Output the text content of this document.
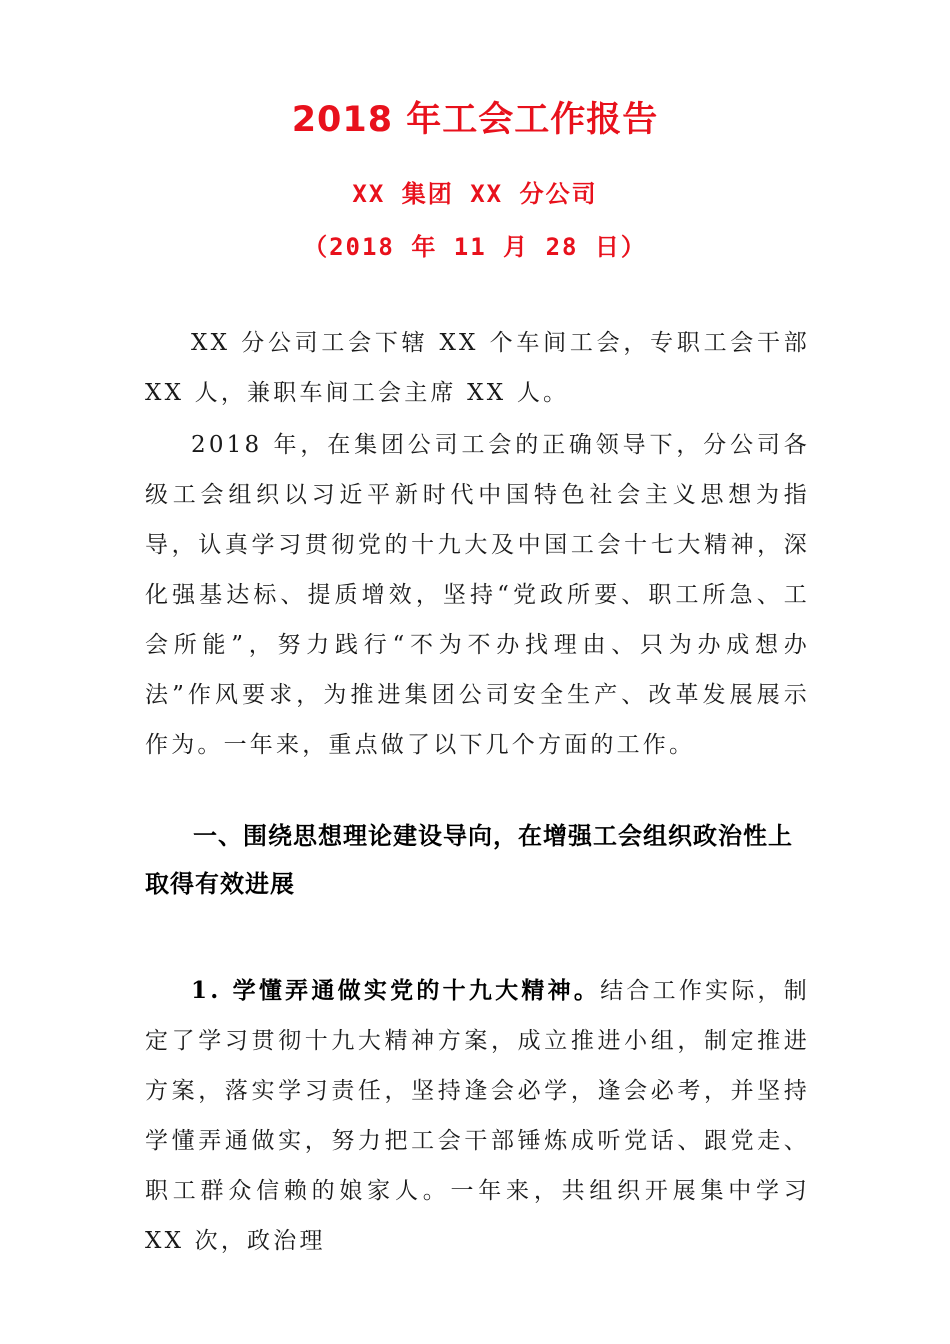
2018 年工会工作报告
XX 集团 XX 分公司
（2018 年 11 月 28 日）

XX 分公司工会下辖 XX 个车间工会，专职工会干部 XX 人，兼职车间工会主席 XX 人。

2018 年，在集团公司工会的正确领导下，分公司各级工会组织以习近平新时代中国特色社会主义思想为指导，认真学习贯彻党的十九大及中国工会十七大精神，深化强基达标、提质增效，坚持“党政所要、职工所急、工会所能”，努力践行“不为不办找理由、只为办成想办法”作风要求，为推进集团公司安全生产、改革发展展示作为。一年来，重点做了以下几个方面的工作。

一、围绕思想理论建设导向，在增强工会组织政治性上取得有效进展

1. 学懂弄通做实党的十九大精神。结合工作实际，制定了学习贯彻十九大精神方案，成立推进小组，制定推进方案，落实学习责任，坚持逢会必学，逢会必考，并坚持学懂弄通做实，努力把工会干部锤炼成听党话、跟党走、职工群众信赖的娘家人。一年来，共组织开展集中学习 XX 次，政治理
